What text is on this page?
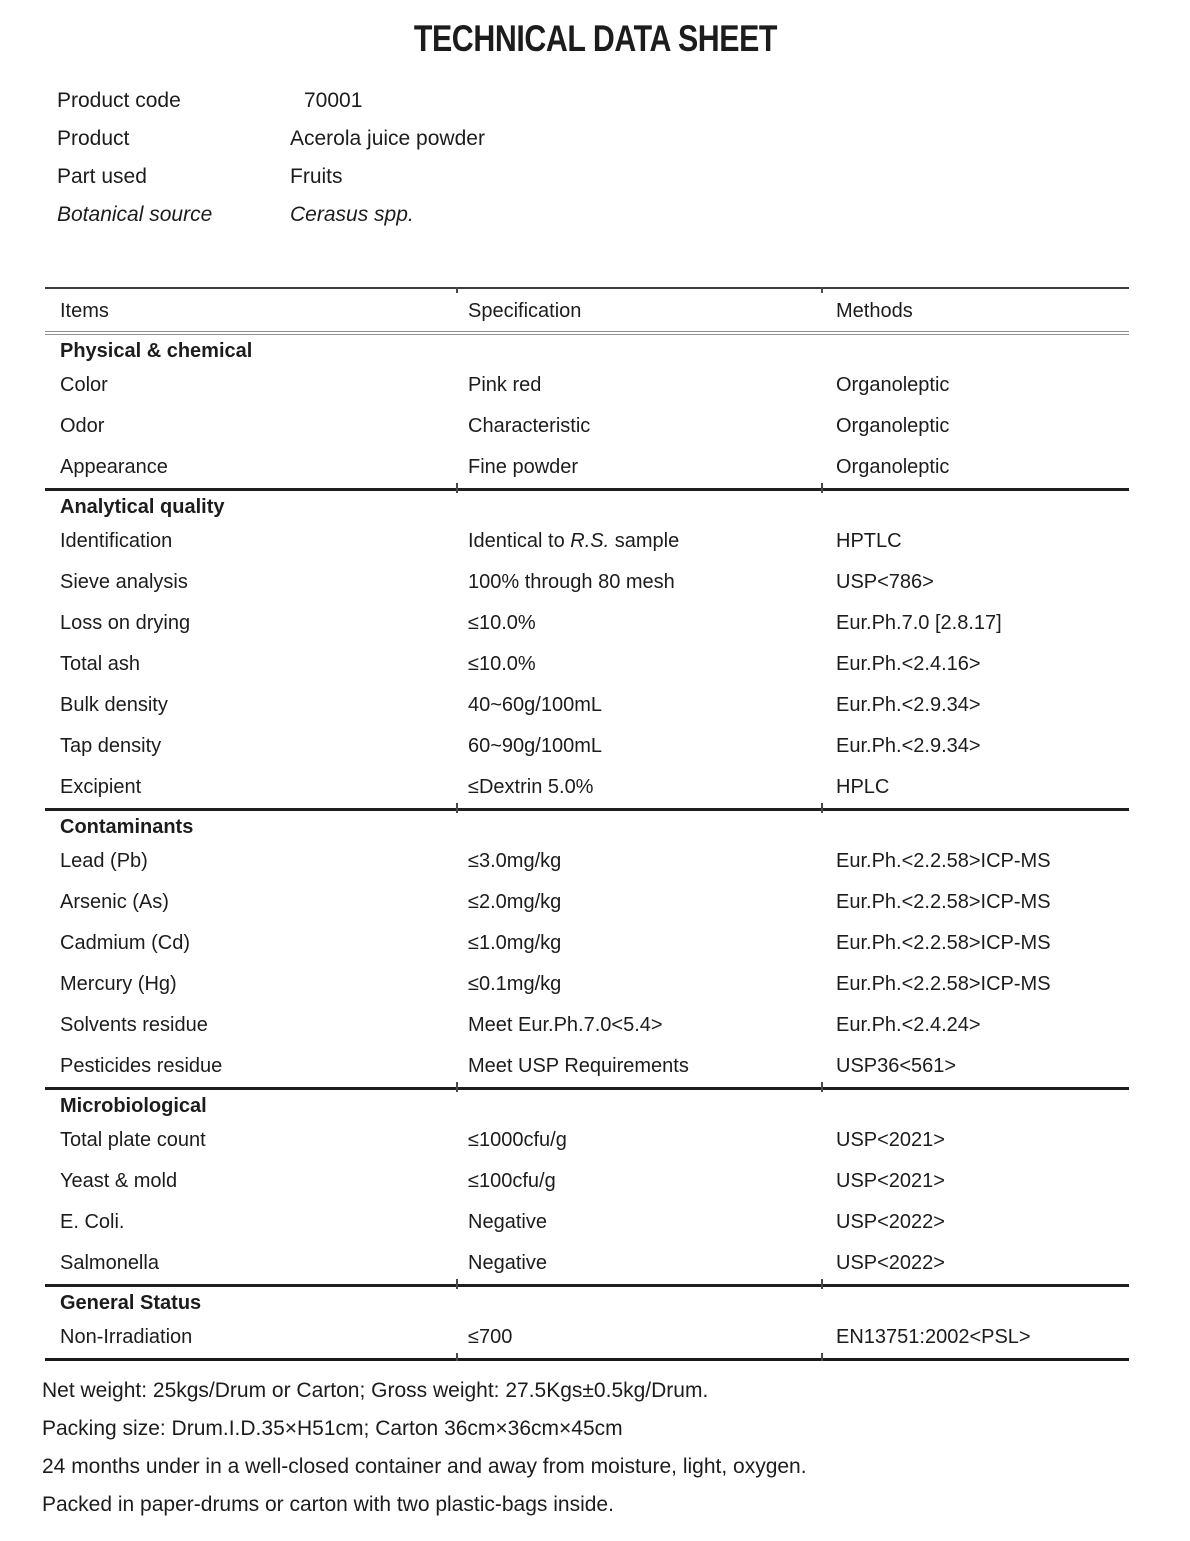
TECHNICAL DATA SHEET
Product code	70001
Product	Acerola juice powder
Part used	Fruits
Botanical source	Cerasus spp.
Items	Specification	Methods
Physical & chemical		
Color	Pink red	Organoleptic
Odor	Characteristic	Organoleptic
Appearance	Fine powder	Organoleptic
Analytical quality		
Identification	Identical to R.S. sample	HPTLC
Sieve analysis	100% through 80 mesh	USP<786>
Loss on drying	≤10.0%	Eur.Ph.7.0 [2.8.17]
Total ash	≤10.0%	Eur.Ph.<2.4.16>
Bulk density	40~60g/100mL	Eur.Ph.<2.9.34>
Tap density	60~90g/100mL	Eur.Ph.<2.9.34>
Excipient	≤Dextrin 5.0%	HPLC
Contaminants		
Lead (Pb)	≤3.0mg/kg	Eur.Ph.<2.2.58>ICP-MS
Arsenic (As)	≤2.0mg/kg	Eur.Ph.<2.2.58>ICP-MS
Cadmium (Cd)	≤1.0mg/kg	Eur.Ph.<2.2.58>ICP-MS
Mercury (Hg)	≤0.1mg/kg	Eur.Ph.<2.2.58>ICP-MS
Solvents residue	Meet Eur.Ph.7.0<5.4>	Eur.Ph.<2.4.24>
Pesticides residue	Meet USP Requirements	USP36<561>
Microbiological		
Total plate count	≤1000cfu/g	USP<2021>
Yeast & mold	≤100cfu/g	USP<2021>
E. Coli.	Negative	USP<2022>
Salmonella	Negative	USP<2022>
General Status		
Non-Irradiation	≤700	EN13751:2002<PSL>
Net weight: 25kgs/Drum or Carton; Gross weight: 27.5Kgs±0.5kg/Drum.
Packing size: Drum.I.D.35×H51cm; Carton 36cm×36cm×45cm
24 months under in a well-closed container and away from moisture, light, oxygen.
Packed in paper-drums or carton with two plastic-bags inside.
